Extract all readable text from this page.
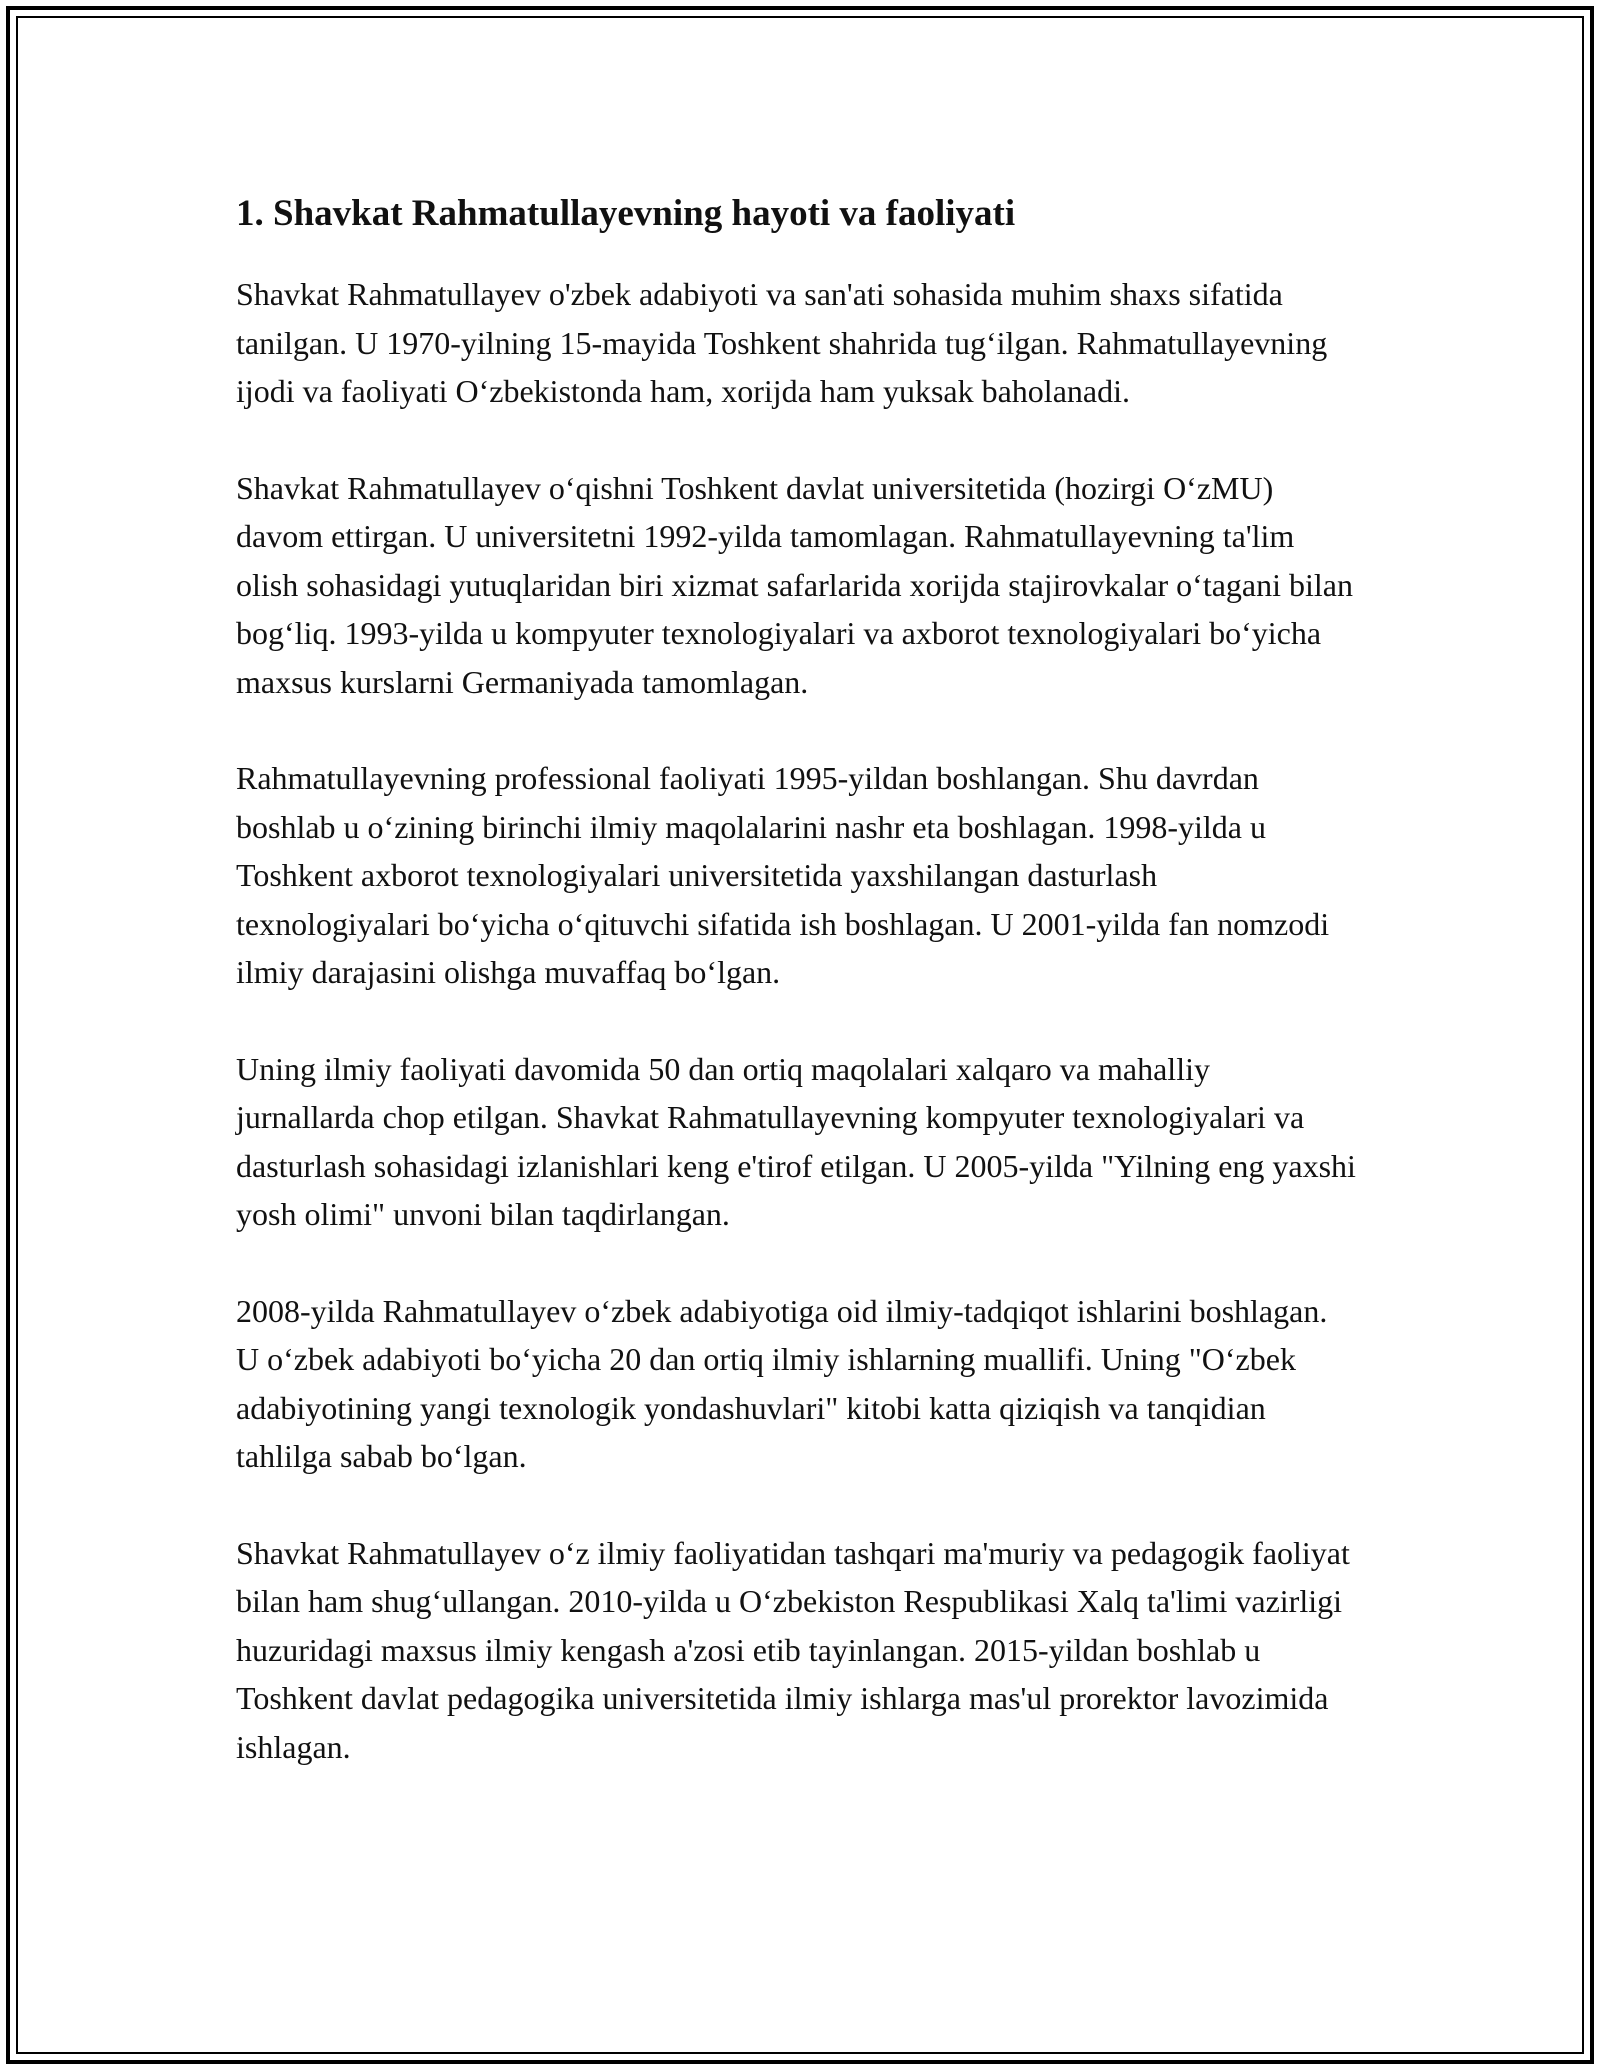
1. Shavkat Rahmatullayevning hayoti va faoliyati

Shavkat Rahmatullayev o'zbek adabiyoti va san'ati sohasida muhim shaxs sifatida tanilgan. U 1970-yilning 15-mayida Toshkent shahrida tug‘ilgan. Rahmatullayevning ijodi va faoliyati O‘zbekistonda ham, xorijda ham yuksak baholanadi.

Shavkat Rahmatullayev o‘qishni Toshkent davlat universitetida (hozirgi O‘zMU) davom ettirgan. U universitetni 1992-yilda tamomlagan. Rahmatullayevning ta'lim olish sohasidagi yutuqlaridan biri xizmat safarlarida xorijda stajirovkalar o‘tagani bilan bog‘liq. 1993-yilda u kompyuter texnologiyalari va axborot texnologiyalari bo‘yicha maxsus kurslarni Germaniyada tamomlagan.

Rahmatullayevning professional faoliyati 1995-yildan boshlangan. Shu davrdan boshlab u o‘zining birinchi ilmiy maqolalarini nashr eta boshlagan. 1998-yilda u Toshkent axborot texnologiyalari universitetida yaxshilangan dasturlash texnologiyalari bo‘yicha o‘qituvchi sifatida ish boshlagan. U 2001-yilda fan nomzodi ilmiy darajasini olishga muvaffaq bo‘lgan.

Uning ilmiy faoliyati davomida 50 dan ortiq maqolalari xalqaro va mahalliy jurnallarda chop etilgan. Shavkat Rahmatullayevning kompyuter texnologiyalari va dasturlash sohasidagi izlanishlari keng e'tirof etilgan. U 2005-yilda "Yilning eng yaxshi yosh olimi" unvoni bilan taqdirlangan.

2008-yilda Rahmatullayev o‘zbek adabiyotiga oid ilmiy-tadqiqot ishlarini boshlagan. U o‘zbek adabiyoti bo‘yicha 20 dan ortiq ilmiy ishlarning muallifi. Uning "O‘zbek adabiyotining yangi texnologik yondashuvlari" kitobi katta qiziqish va tanqidian tahlilga sabab bo‘lgan.

Shavkat Rahmatullayev o‘z ilmiy faoliyatidan tashqari ma'muriy va pedagogik faoliyat bilan ham shug‘ullangan. 2010-yilda u O‘zbekiston Respublikasi Xalq ta'limi vazirligi huzuridagi maxsus ilmiy kengash a'zosi etib tayinlangan. 2015-yildan boshlab u Toshkent davlat pedagogika universitetida ilmiy ishlarga mas'ul prorektor lavozimida ishlagan.
